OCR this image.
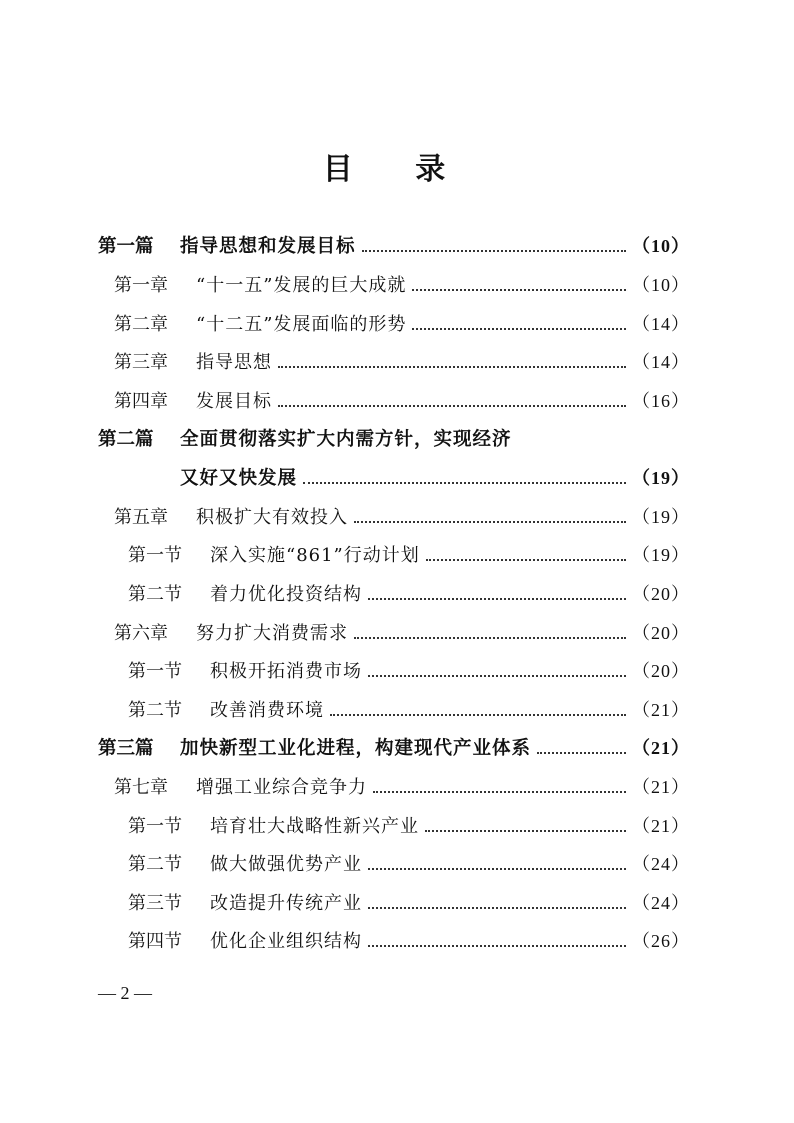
目 录
第一篇	指导思想和发展目标	（10）
第一章	“十一五”发展的巨大成就	（10）
第二章	“十二五”发展面临的形势	（14）
第三章	指导思想	（14）
第四章	发展目标	（16）
第二篇	全面贯彻落实扩大内需方针，实现经济
又好又快发展	（19）
第五章	积极扩大有效投入	（19）
第一节	深入实施“861”行动计划	（19）
第二节	着力优化投资结构	（20）
第六章	努力扩大消费需求	（20）
第一节	积极开拓消费市场	（20）
第二节	改善消费环境	（21）
第三篇	加快新型工业化进程，构建现代产业体系	（21）
第七章	增强工业综合竞争力	（21）
第一节	培育壮大战略性新兴产业	（21）
第二节	做大做强优势产业	（24）
第三节	改造提升传统产业	（24）
第四节	优化企业组织结构	（26）
— 2 —
